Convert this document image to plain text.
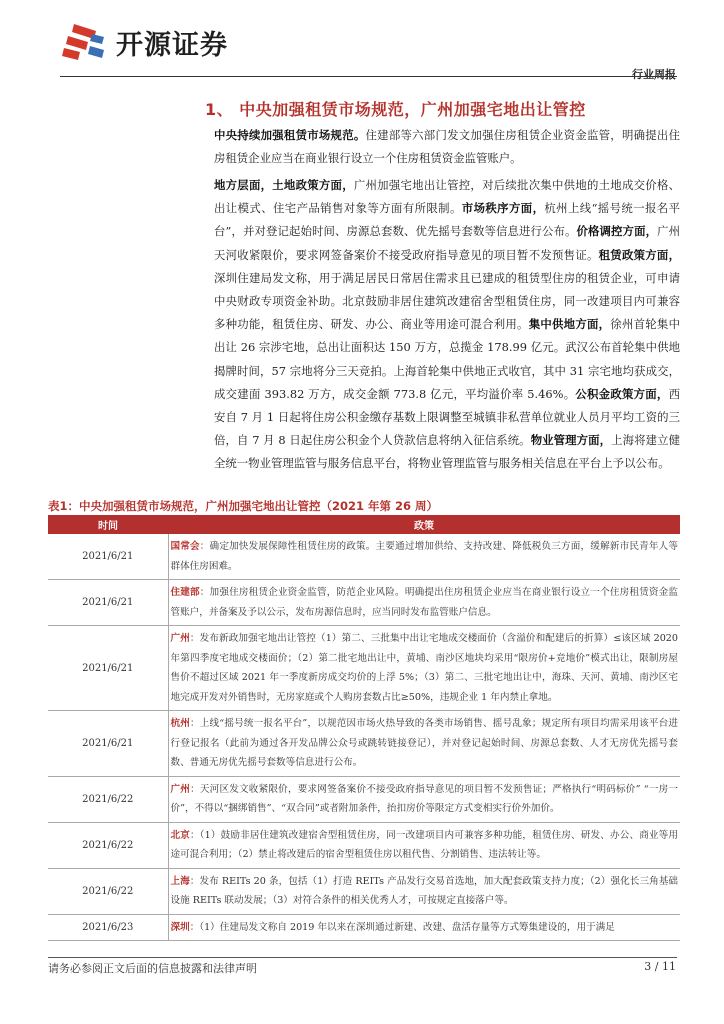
开源证券
行业周报
1、 中央加强租赁市场规范，广州加强宅地出让管控
中央持续加强租赁市场规范。住建部等六部门发文加强住房租赁企业资金监管，明确提出住房租赁企业应当在商业银行设立一个住房租赁资金监管账户。
地方层面，土地政策方面，广州加强宅地出让管控，对后续批次集中供地的土地成交价格、出让模式、住宅产品销售对象等方面有所限制。市场秩序方面，杭州上线“摇号统一报名平台”，并对登记起始时间、房源总套数、优先摇号套数等信息进行公布。价格调控方面，广州天河收紧限价，要求网签备案价不接受政府指导意见的项目暂不发预售证。租赁政策方面，深圳住建局发文称，用于满足居民日常居住需求且已建成的租赁型住房的租赁企业，可申请中央财政专项资金补助。北京鼓励非居住建筑改建宿舍型租赁住房，同一改建项目内可兼容多种功能，租赁住房、研发、办公、商业等用途可混合利用。集中供地方面，徐州首轮集中出让 26 宗涉宅地，总出让面积达 150 万方，总揽金 178.99 亿元。武汉公布首轮集中供地揭牌时间，57 宗地将分三天竞拍。上海首轮集中供地正式收官，其中 31 宗宅地均获成交，成交建面 393.82 万方，成交金额 773.8 亿元，平均溢价率 5.46%。公积金政策方面，西安自 7 月 1 日起将住房公积金缴存基数上限调整至城镇非私营单位就业人员月平均工资的三倍，自 7 月 8 日起住房公积金个人贷款信息将纳入征信系统。物业管理方面，上海将建立健全统一物业管理监管与服务信息平台，将物业管理监管与服务相关信息在平台上予以公布。
表1：中央加强租赁市场规范，广州加强宅地出让管控（2021 年第 26 周）
时间	政策
2021/6/21	国常会：确定加快发展保障性租赁住房的政策。主要通过增加供给、支持改建、降低税负三方面，缓解新市民青年人等群体住房困难。
2021/6/21	住建部：加强住房租赁企业资金监管，防范企业风险。明确提出住房租赁企业应当在商业银行设立一个住房租赁资金监管账户，并备案及予以公示，发布房源信息时，应当同时发布监管账户信息。
2021/6/21	广州：发布新政加强宅地出让管控（1）第二、三批集中出让宅地成交楼面价（含溢价和配建后的折算）≤该区域 2020 年第四季度宅地成交楼面价；（2）第二批宅地出让中，黄埔、南沙区地块均采用“限房价+竞地价”模式出让，限制房屋售价不超过区域 2021 年一季度新房成交均价的上浮 5%；（3）第二、三批宅地出让中，海珠、天河、黄埔、南沙区宅地完成开发对外销售时，无房家庭或个人购房套数占比≥50%，违规企业 1 年内禁止拿地。
2021/6/21	杭州：上线“摇号统一报名平台”，以规范因市场火热导致的各类市场销售、摇号乱象；规定所有项目均需采用该平台进行登记报名（此前为通过各开发品牌公众号或跳转链接登记），并对登记起始时间、房源总套数、人才无房优先摇号套数、普通无房优先摇号套数等信息进行公布。
2021/6/22	广州：天河区发文收紧限价，要求网签备案价不接受政府指导意见的项目暂不发预售证；严格执行“明码标价” “一房一价”，不得以“捆绑销售”、“双合同”或者附加条件，抬扣房价等限定方式变相实行价外加价。
2021/6/22	北京：（1）鼓励非居住建筑改建宿舍型租赁住房，同一改建项目内可兼容多种功能，租赁住房、研发、办公、商业等用途可混合利用；（2）禁止将改建后的宿舍型租赁住房以租代售、分割销售、违法转让等。
2021/6/22	上海：发布 REITs 20 条，包括（1）打造 REITs 产品发行交易首选地，加大配套政策支持力度；（2）强化长三角基础设施 REITs 联动发展；（3）对符合条件的相关优秀人才，可按规定直接落户等。
2021/6/23	深圳：（1）住建局发文称自 2019 年以来在深圳通过新建、改建、盘活存量等方式筹集建设的，用于满足
请务必参阅正文后面的信息披露和法律声明	3 / 11
